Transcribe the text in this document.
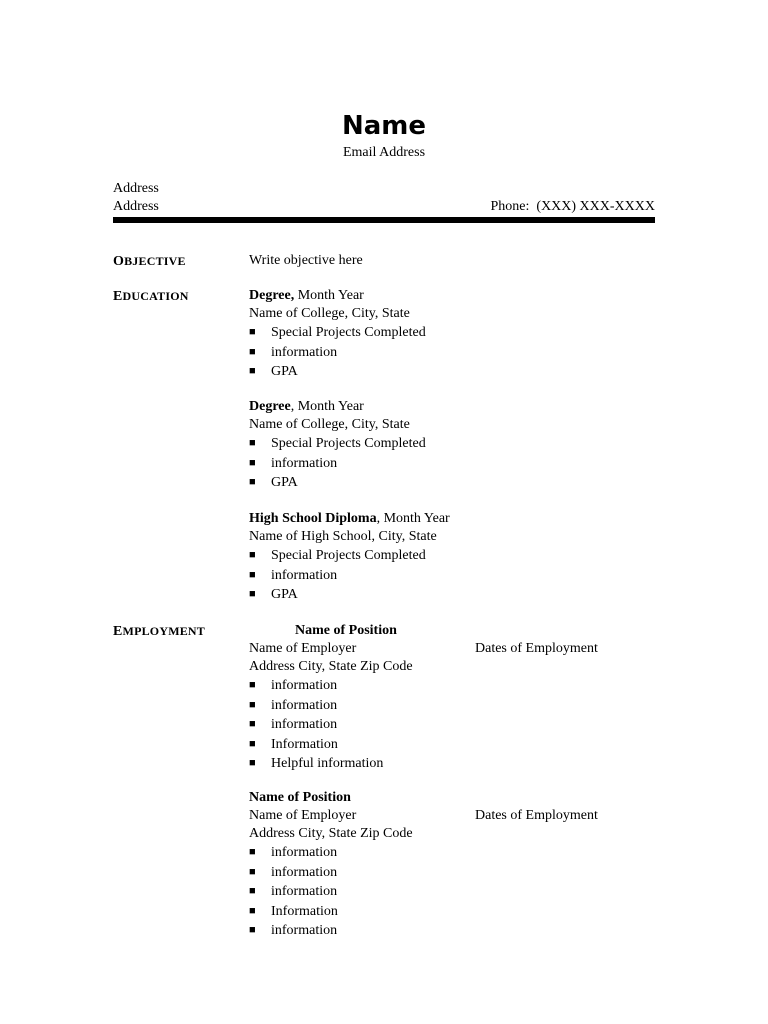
Name
Email Address
Address
Address	Phone:  (XXX) XXX-XXXX
OBJECTIVE	Write objective here
EDUCATION	Degree, Month Year
Name of College, City, State
■ Special Projects Completed
■ information
■ GPA
Degree, Month Year
Name of College, City, State
■ Special Projects Completed
■ information
■ GPA
High School Diploma, Month Year
Name of High School, City, State
■ Special Projects Completed
■ information
■ GPA
EMPLOYMENT	Name of Position
Name of Employer	Dates of Employment
Address City, State Zip Code
■ information
■ information
■ information
■ Information
■ Helpful information
Name of Position
Name of Employer	Dates of Employment
Address City, State Zip Code
■ information
■ information
■ information
■ Information
■ information
